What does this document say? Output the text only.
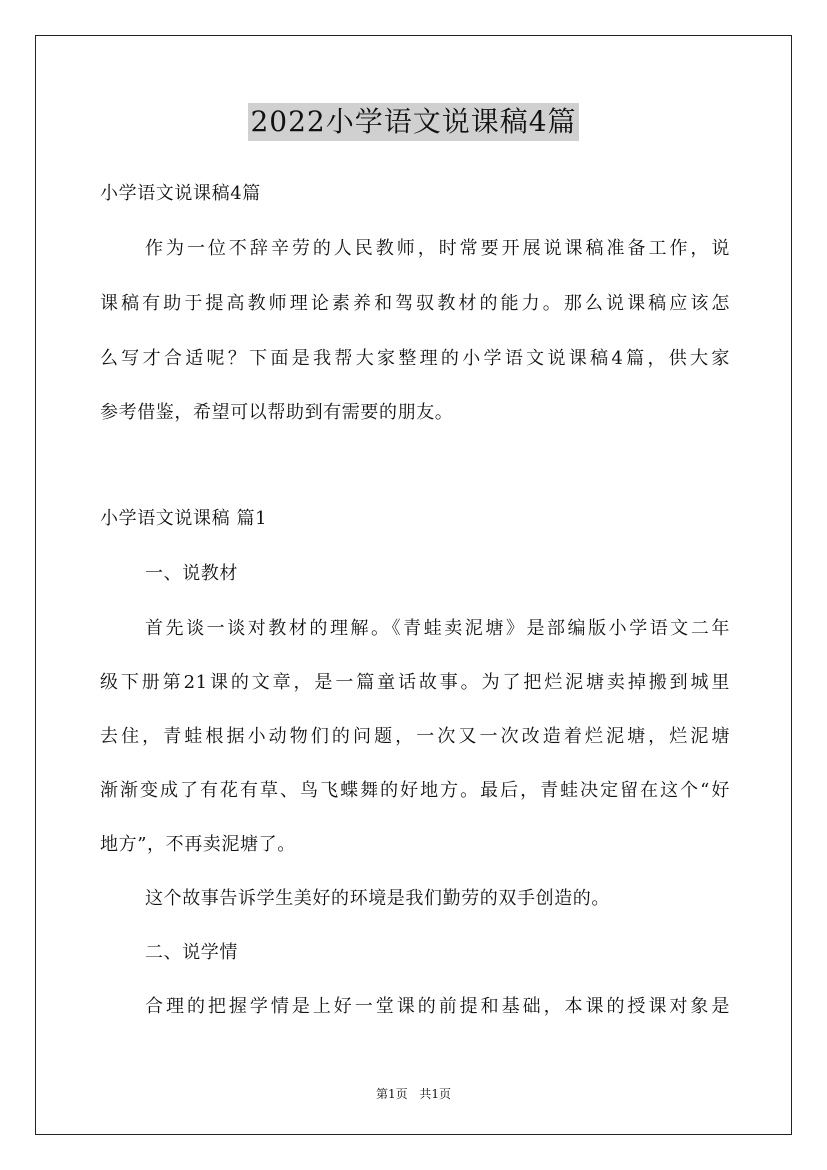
2022小学语文说课稿4篇
小学语文说课稿4篇
作为一位不辞辛劳的人民教师，时常要开展说课稿准备工作，说
课稿有助于提高教师理论素养和驾驭教材的能力。那么说课稿应该怎
么写才合适呢？下面是我帮大家整理的小学语文说课稿4篇，供大家
参考借鉴，希望可以帮助到有需要的朋友。
小学语文说课稿 篇1
一、说教材
首先谈一谈对教材的理解。《青蛙卖泥塘》是部编版小学语文二年
级下册第21课的文章，是一篇童话故事。为了把烂泥塘卖掉搬到城里
去住，青蛙根据小动物们的问题，一次又一次改造着烂泥塘，烂泥塘
渐渐变成了有花有草、鸟飞蝶舞的好地方。最后，青蛙决定留在这个“好
地方”，不再卖泥塘了。
这个故事告诉学生美好的环境是我们勤劳的双手创造的。
二、说学情
合理的把握学情是上好一堂课的前提和基础，本课的授课对象是
第1页 共1页
